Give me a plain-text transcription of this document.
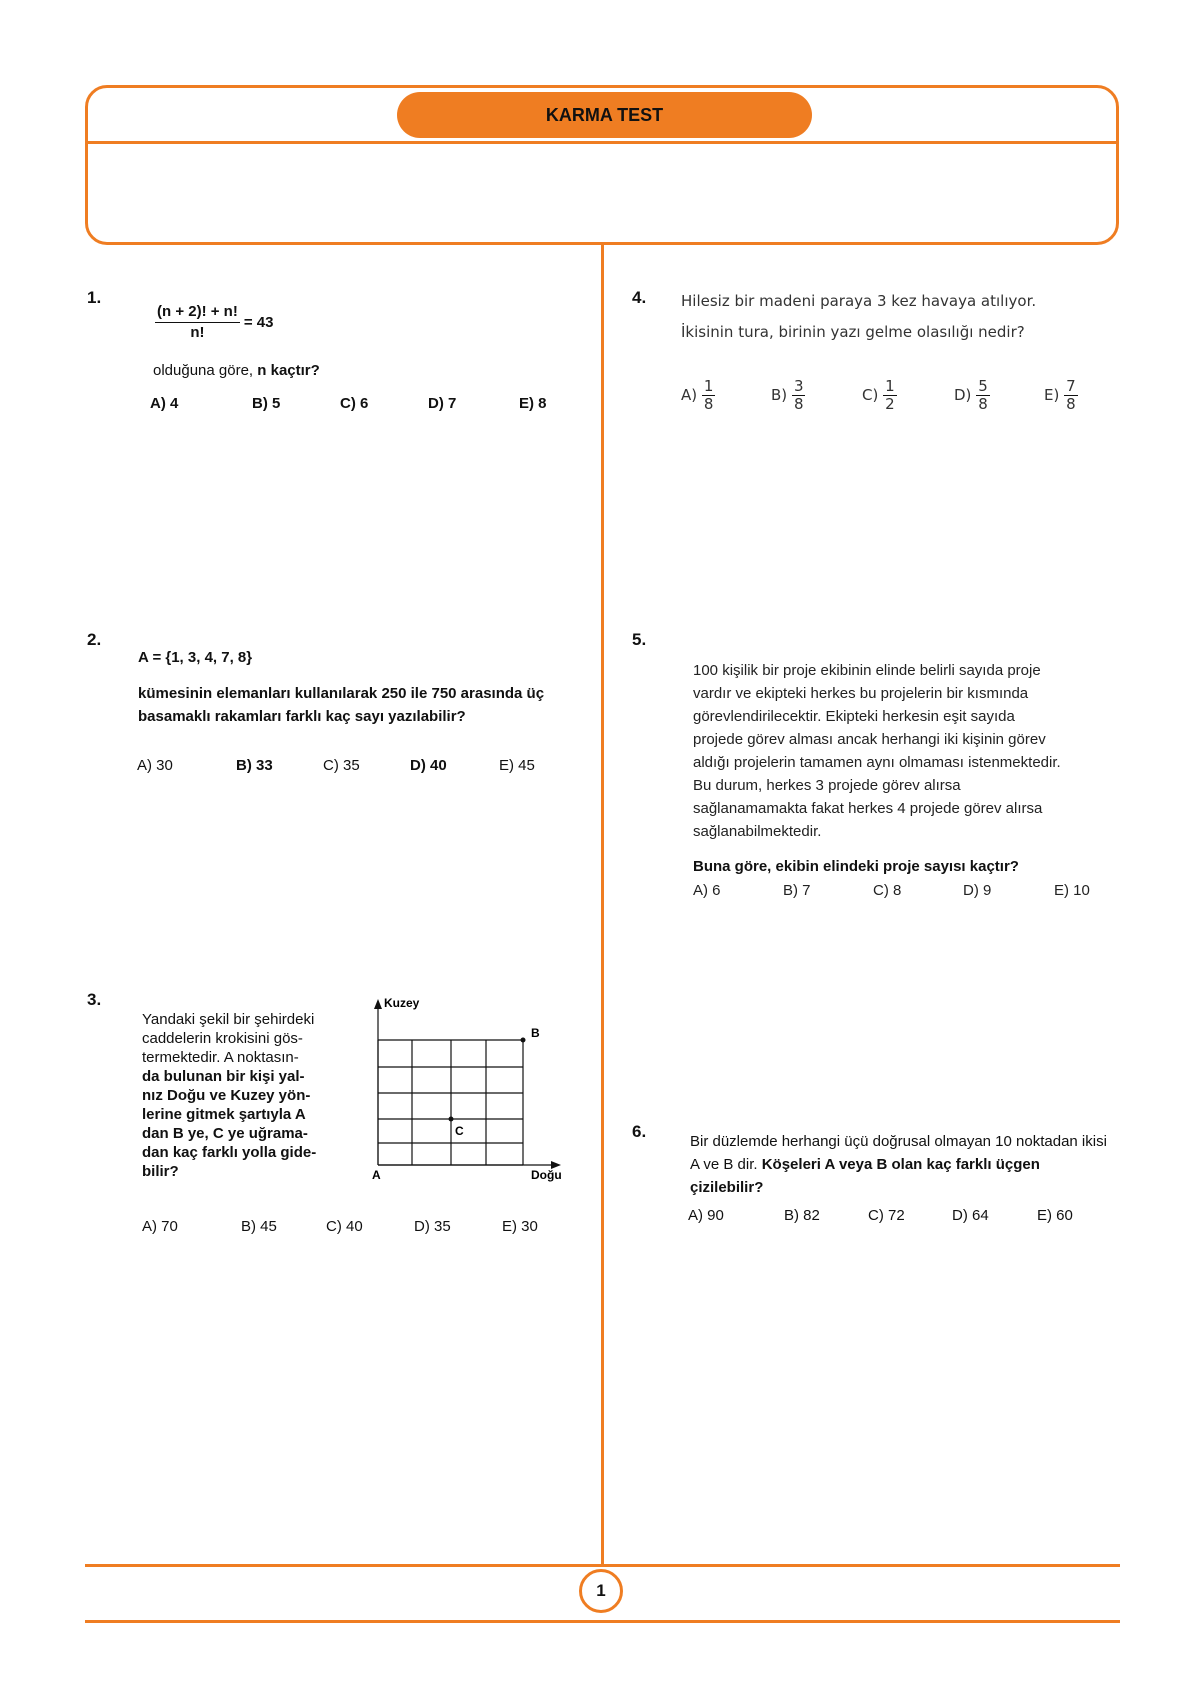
KARMA TEST
1.
$\frac{(n + 2)! + n!}{n!} = 43$
olduğuna göre, n kaçtır?
A) 4	B) 5	C) 6	D) 7	E) 8
2.
A = {1, 3, 4, 7, 8}
kümesinin elemanları kullanılarak 250 ile 750 arasında üç basamaklı rakamları farklı kaç sayı yazılabilir?
A) 30	B) 33	C) 35	D) 40	E) 45
3.
Yandaki şekil bir şehirdeki
caddelerin krokisini gös-
termektedir. A noktasın-
da bulunan bir kişi yal-
nız Doğu ve Kuzey yön-
lerine gitmek şartıyla A
dan B ye, C ye uğrama-
dan kaç farklı yolla gide-
bilir?
Kuzey
B
C
A	Doğu
A) 70	B) 45	C) 40	D) 35	E) 30
4. Hilesiz bir madeni paraya 3 kez havaya atılıyor.
İkisinin tura, birinin yazı gelme olasılığı nedir?
$A) \frac{1}{8}$	$B) \frac{3}{8}$	$C) \frac{1}{2}$	$D) \frac{5}{8}$	$E) \frac{7}{8}$
5.
100 kişilik bir proje ekibinin elinde belirli sayıda proje
vardır ve ekipteki herkes bu projelerin bir kısmında
görevlendirilecektir. Ekipteki herkesin eşit sayıda
projede görev alması ancak herhangi iki kişinin görev
aldığı projelerin tamamen aynı olmaması istenmektedir.
Bu durum, herkes 3 projede görev alırsa
sağlanamamakta fakat herkes 4 projede görev alırsa
sağlanabilmektedir.
Buna göre, ekibin elindeki proje sayısı kaçtır?
A) 6	B) 7	C) 8	D) 9	E) 10
6.
Bir düzlemde herhangi üçü doğrusal olmayan 10 noktadan ikisi A ve B dir. Köşeleri A veya B olan kaç farklı üçgen çizilebilir?
A) 90	B) 82	C) 72	D) 64	E) 60
1
